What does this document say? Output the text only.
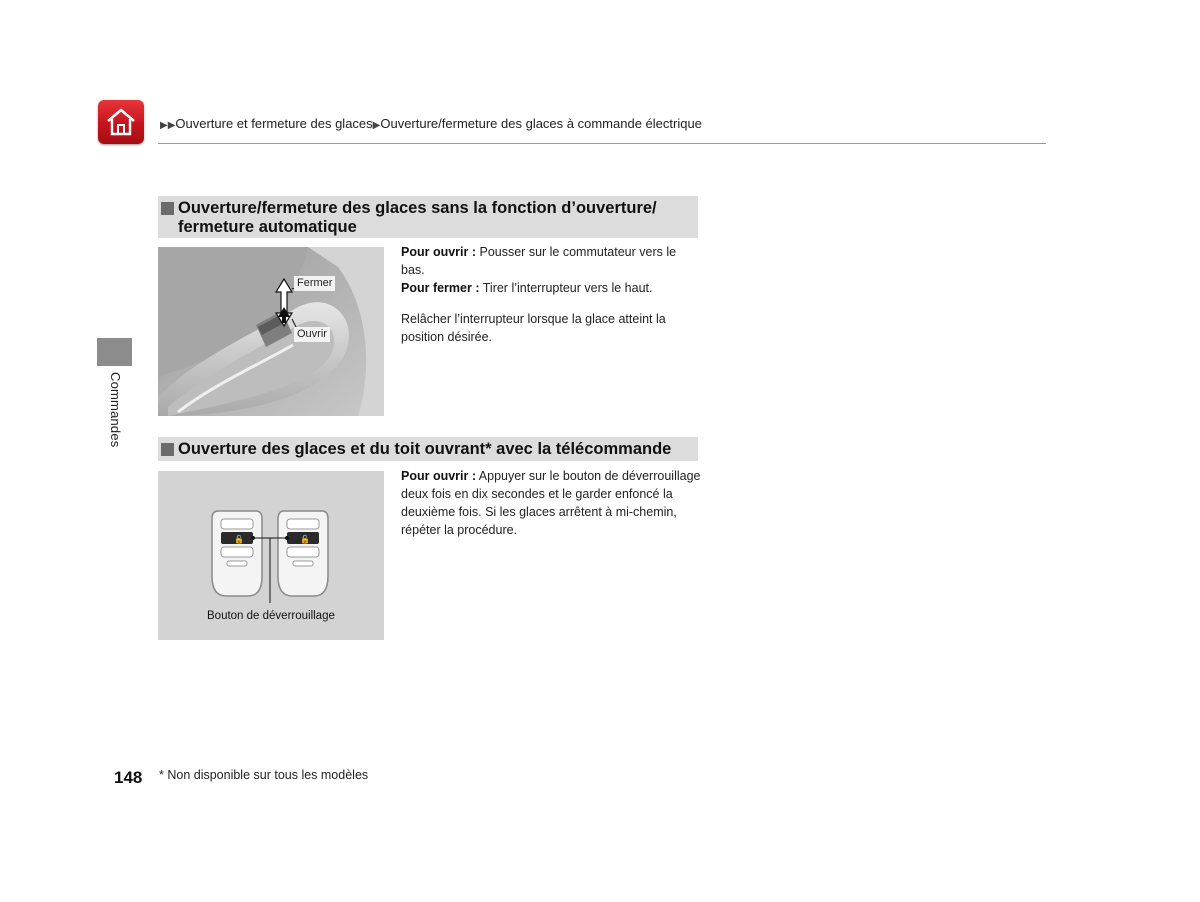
▶▶Ouverture et fermeture des glaces▶Ouverture/fermeture des glaces à commande électrique
Commandes
Ouverture/fermeture des glaces sans la fonction d’ouverture/
fermeture automatique
Fermer
Ouvrir
Pour ouvrir : Pousser sur le commutateur vers le bas.
Pour fermer : Tirer l’interrupteur vers le haut.
Relâcher l’interrupteur lorsque la glace atteint la position désirée.
Ouverture des glaces et du toit ouvrant* avec la télécommande
🔓	🔓
Bouton de déverrouillage
Pour ouvrir : Appuyer sur le bouton de déverrouillage deux fois en dix secondes et le garder enfoncé la deuxième fois. Si les glaces arrêtent à mi-chemin, répéter la procédure.
148 * Non disponible sur tous les modèles
